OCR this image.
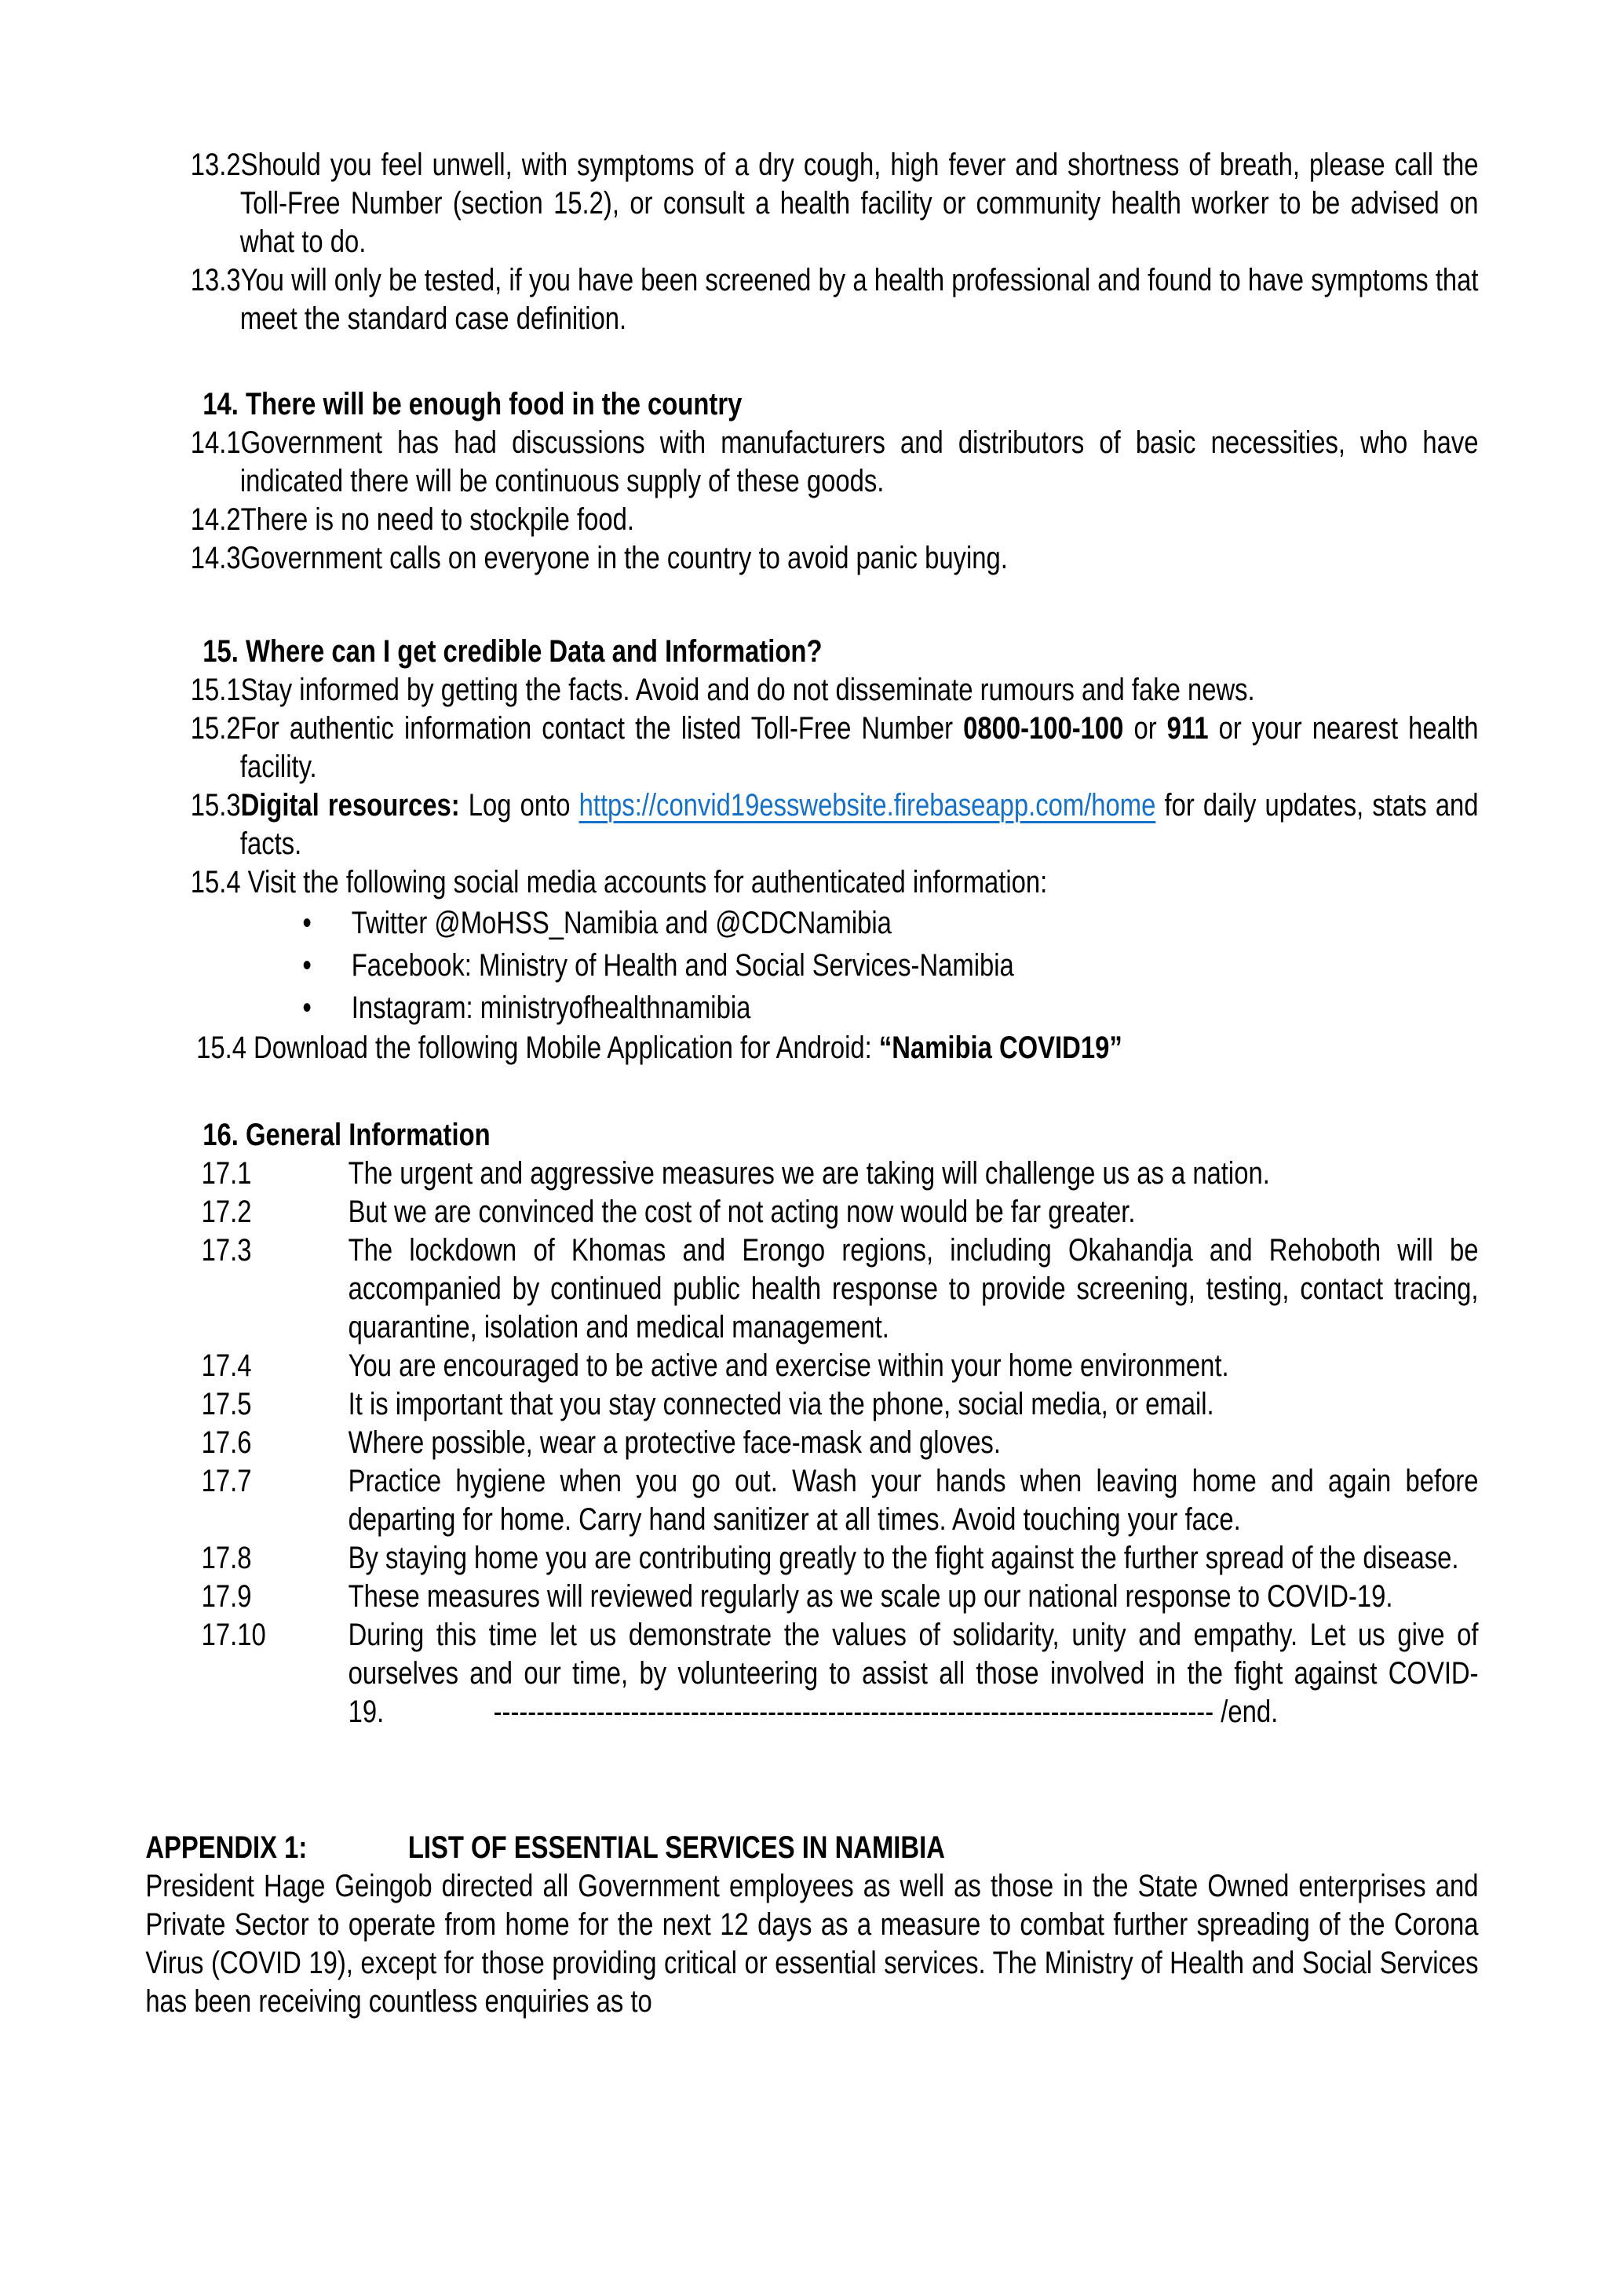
13.2Should you feel unwell, with symptoms of a dry cough, high fever and shortness of breath, please call the Toll-Free Number (section 15.2), or consult a health facility or community health worker to be advised on what to do.

13.3You will only be tested, if you have been screened by a health professional and found to have symptoms that meet the standard case definition.

14. There will be enough food in the country

14.1Government has had discussions with manufacturers and distributors of basic necessities, who have indicated there will be continuous supply of these goods.

14.2There is no need to stockpile food.

14.3Government calls on everyone in the country to avoid panic buying.

15. Where can I get credible Data and Information?

15.1Stay informed by getting the facts. Avoid and do not disseminate rumours and fake news.

15.2For authentic information contact the listed Toll-Free Number 0800-100-100 or 911 or your nearest health facility.

15.3Digital resources: Log onto https://convid19esswebsite.firebaseapp.com/home for daily updates, stats and facts.

15.4 Visit the following social media accounts for authenticated information:

• Twitter @MoHSS_Namibia and @CDCNamibia

• Facebook: Ministry of Health and Social Services-Namibia

• Instagram: ministryofhealthnamibia

15.4 Download the following Mobile Application for Android: “Namibia COVID19”

16. General Information

17.1	The urgent and aggressive measures we are taking will challenge us as a nation.

17.2	But we are convinced the cost of not acting now would be far greater.

17.3	The lockdown of Khomas and Erongo regions, including Okahandja and Rehoboth will be accompanied by continued public health response to provide screening, testing, contact tracing, quarantine, isolation and medical management.

17.4	You are encouraged to be active and exercise within your home environment.

17.5	It is important that you stay connected via the phone, social media, or email.

17.6	Where possible, wear a protective face-mask and gloves.

17.7	Practice hygiene when you go out. Wash your hands when leaving home and again before departing for home. Carry hand sanitizer at all times. Avoid touching your face.

17.8	By staying home you are contributing greatly to the fight against the further spread of the disease.

17.9	These measures will reviewed regularly as we scale up our national response to COVID-19.

17.10	During this time let us demonstrate the values of solidarity, unity and empathy. Let us give of ourselves and our time, by volunteering to assist all those involved in the fight against COVID-19.	------------------------------------------------------------------------------------ /end.

APPENDIX 1:	LIST OF ESSENTIAL SERVICES IN NAMIBIA

President Hage Geingob directed all Government employees as well as those in the State Owned enterprises and Private Sector to operate from home for the next 12 days as a measure to combat further spreading of the Corona Virus (COVID 19), except for those providing critical or essential services. The Ministry of Health and Social Services has been receiving countless enquiries as to
